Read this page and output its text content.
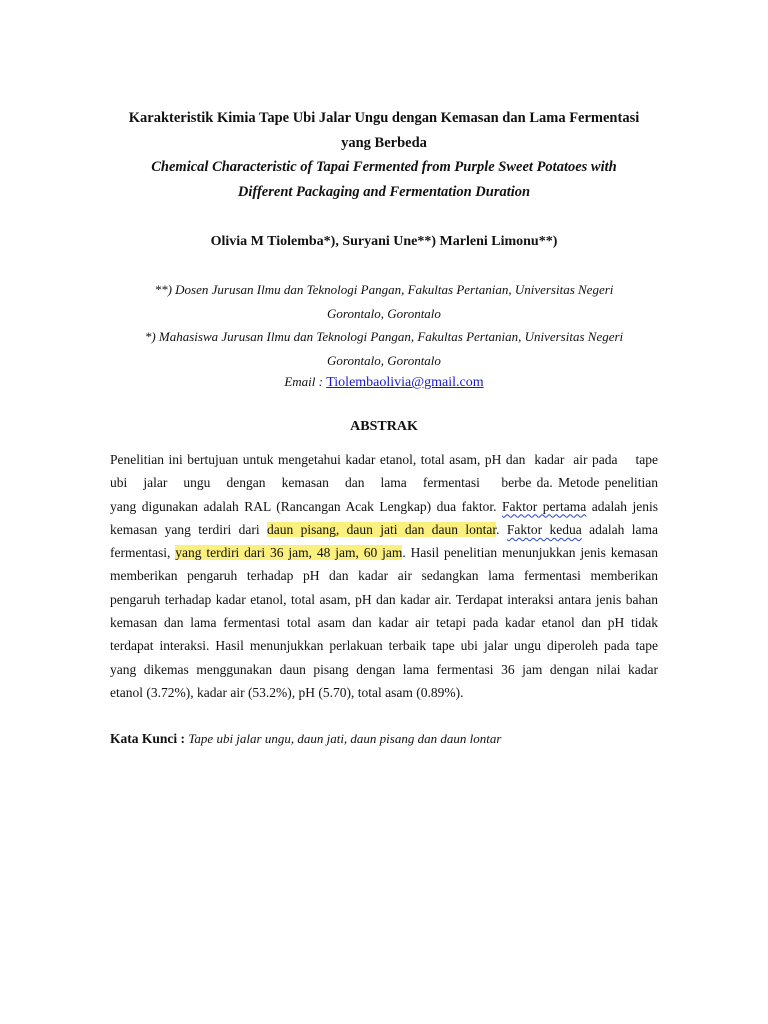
Karakteristik Kimia Tape Ubi Jalar Ungu dengan Kemasan dan Lama Fermentasi
yang Berbeda
Chemical Characteristic of Tapai Fermented from Purple Sweet Potatoes with
Different Packaging and Fermentation Duration
Olivia M Tiolemba*), Suryani Une**) Marleni Limonu**)
**) Dosen Jurusan Ilmu dan Teknologi Pangan, Fakultas Pertanian, Universitas Negeri
Gorontalo, Gorontalo
*) Mahasiswa Jurusan Ilmu dan Teknologi Pangan, Fakultas Pertanian, Universitas Negeri
Gorontalo, Gorontalo
Email : Tiolembaolivia@gmail.com
ABSTRAK
Penelitian ini bertujuan untuk mengetahui kadar etanol, total asam, pH dan  kadar  air pada    tape
ubi   jalar   ungu   dengan   kemasan   dan   lama   fermentasi    berbe da. Metode penelitian
yang digunakan adalah RAL (Rancangan Acak Lengkap) dua faktor. Faktor pertama adalah jenis
kemasan yang terdiri dari daun pisang, daun jati dan daun lontar. Faktor kedua adalah lama
fermentasi, yang terdiri dari 36 jam, 48 jam, 60 jam. Hasil penelitian menunjukkan jenis kemasan
memberikan pengaruh terhadap pH dan kadar air sedangkan lama fermentasi memberikan
pengaruh terhadap kadar etanol, total asam, pH dan kadar air. Terdapat interaksi antara jenis bahan
kemasan dan lama fermentasi total asam dan kadar air tetapi pada kadar etanol dan pH tidak
terdapat interaksi. Hasil menunjukkan perlakuan terbaik tape ubi jalar ungu diperoleh pada tape
yang dikemas menggunakan daun pisang dengan lama fermentasi 36 jam dengan nilai kadar
etanol (3.72%), kadar air (53.2%), pH (5.70), total asam (0.89%).
Kata Kunci : Tape ubi jalar ungu, daun jati, daun pisang dan daun lontar
